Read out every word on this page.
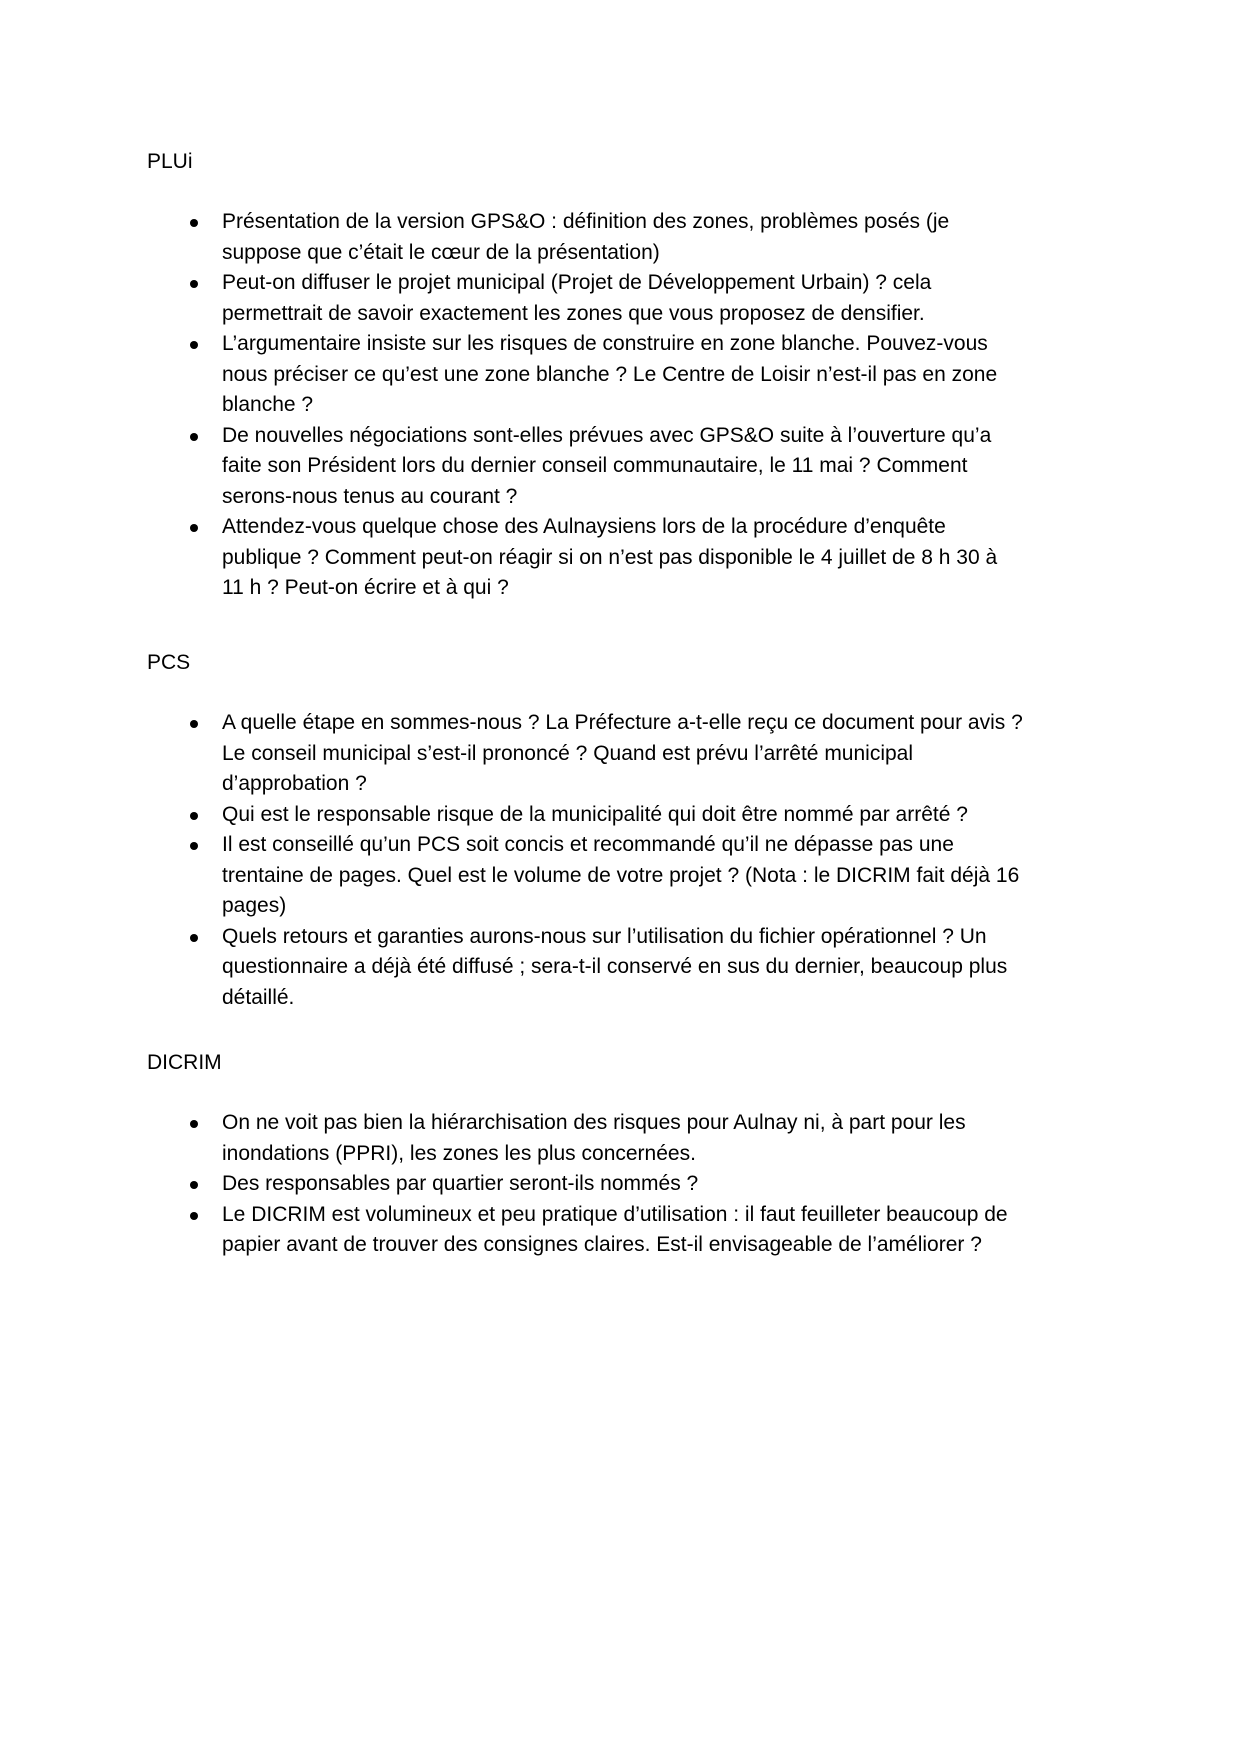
PLUi
Présentation de la version GPS&O : définition des zones, problèmes posés (je
suppose que c’était le cœur de la présentation)
Peut-on diffuser le projet municipal (Projet de Développement Urbain) ? cela
permettrait de savoir exactement les zones que vous proposez de densifier.
L’argumentaire insiste sur les risques de construire en zone blanche. Pouvez-vous
nous préciser ce qu’est une zone blanche ? Le Centre de Loisir n’est-il pas en zone
blanche ?
De nouvelles négociations sont-elles prévues avec GPS&O suite à l’ouverture qu’a
faite son Président lors du dernier conseil communautaire, le 11 mai ? Comment
serons-nous tenus au courant ?
Attendez-vous quelque chose des Aulnaysiens lors de la procédure d’enquête
publique ? Comment peut-on réagir si on n’est pas disponible le 4 juillet de 8 h 30 à
11 h ? Peut-on écrire et à qui ?
PCS
A quelle étape en sommes-nous ? La Préfecture a-t-elle reçu ce document pour avis ?
Le conseil municipal s’est-il prononcé ? Quand est prévu l’arrêté municipal
d’approbation ?
Qui est le responsable risque de la municipalité qui doit être nommé par arrêté ?
Il est conseillé qu’un PCS soit concis et recommandé qu’il ne dépasse pas une
trentaine de pages. Quel est le volume de votre projet ? (Nota : le DICRIM fait déjà 16
pages)
Quels retours et garanties aurons-nous sur l’utilisation du fichier opérationnel ? Un
questionnaire a déjà été diffusé ; sera-t-il conservé en sus du dernier, beaucoup plus
détaillé.
DICRIM
On ne voit pas bien la hiérarchisation des risques pour Aulnay ni, à part pour les
inondations (PPRI), les zones les plus concernées.
Des responsables par quartier seront-ils nommés ?
Le DICRIM est volumineux et peu pratique d’utilisation : il faut feuilleter beaucoup de
papier avant de trouver des consignes claires. Est-il envisageable de l’améliorer ?
